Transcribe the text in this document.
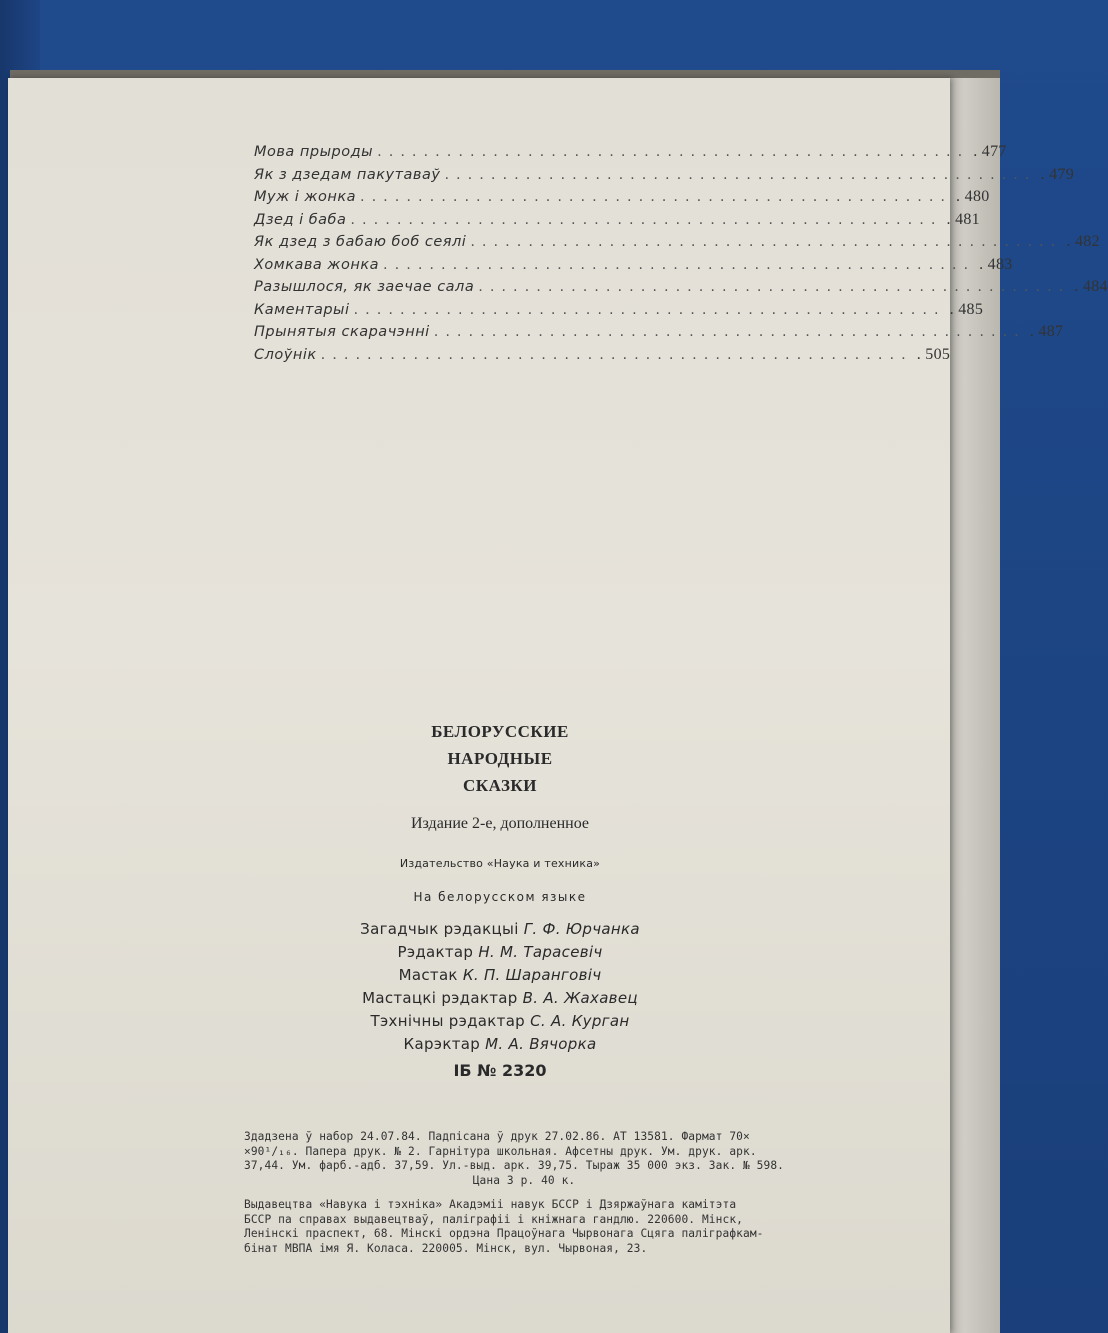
Мова прыроды ................................................... . 477
Як з дзедам пакутаваў ................................................... . 479
Муж і жонка ................................................... . 480
Дзед і баба ................................................... . 481
Як дзед з бабаю боб сеялі ................................................... . 482
Хомкава жонка ................................................... . 483
Разышлося, як заечае сала ................................................... . 484
Каментарыі ................................................... . 485
Прынятыя скарачэнні ................................................... . 487
Слоўнік ................................................... . 505
БЕЛОРУССКИЕ
НАРОДНЫЕ
СКАЗКИ
Издание 2-е, дополненное
Издательство «Наука и техника»
На белорусском языке
Загадчык рэдакцыі Г. Ф. Юрчанка
Рэдактар Н. М. Тарасевіч
Мастак К. П. Шаранговіч
Мастацкі рэдактар В. А. Жахавец
Тэхнічны рэдактар С. А. Курган
Карэктар М. А. Вячорка
ІБ № 2320
Здадзена ў набор 24.07.84. Падпісана ў друк 27.02.86. АТ 13581. Фармат 70×
×90¹/₁₆. Папера друк. № 2. Гарнітура школьная. Афсетны друк. Ум. друк. арк.
37,44. Ум. фарб.-адб. 37,59. Ул.-выд. арк. 39,75. Тыраж 35 000 экз. Зак. № 598.
Цана 3 р. 40 к.
Выдавецтва «Навука і тэхніка» Акадэміі навук БССР і Дзяржаўнага камітэта
БССР па справах выдавецтваў, паліграфіі і кніжнага гандлю. 220600. Мінск,
Ленінскі праспект, 68. Мінскі ордэна Працоўнага Чырвонага Сцяга паліграфкам-
бінат МВПА імя Я. Коласа. 220005. Мінск, вул. Чырвоная, 23.
